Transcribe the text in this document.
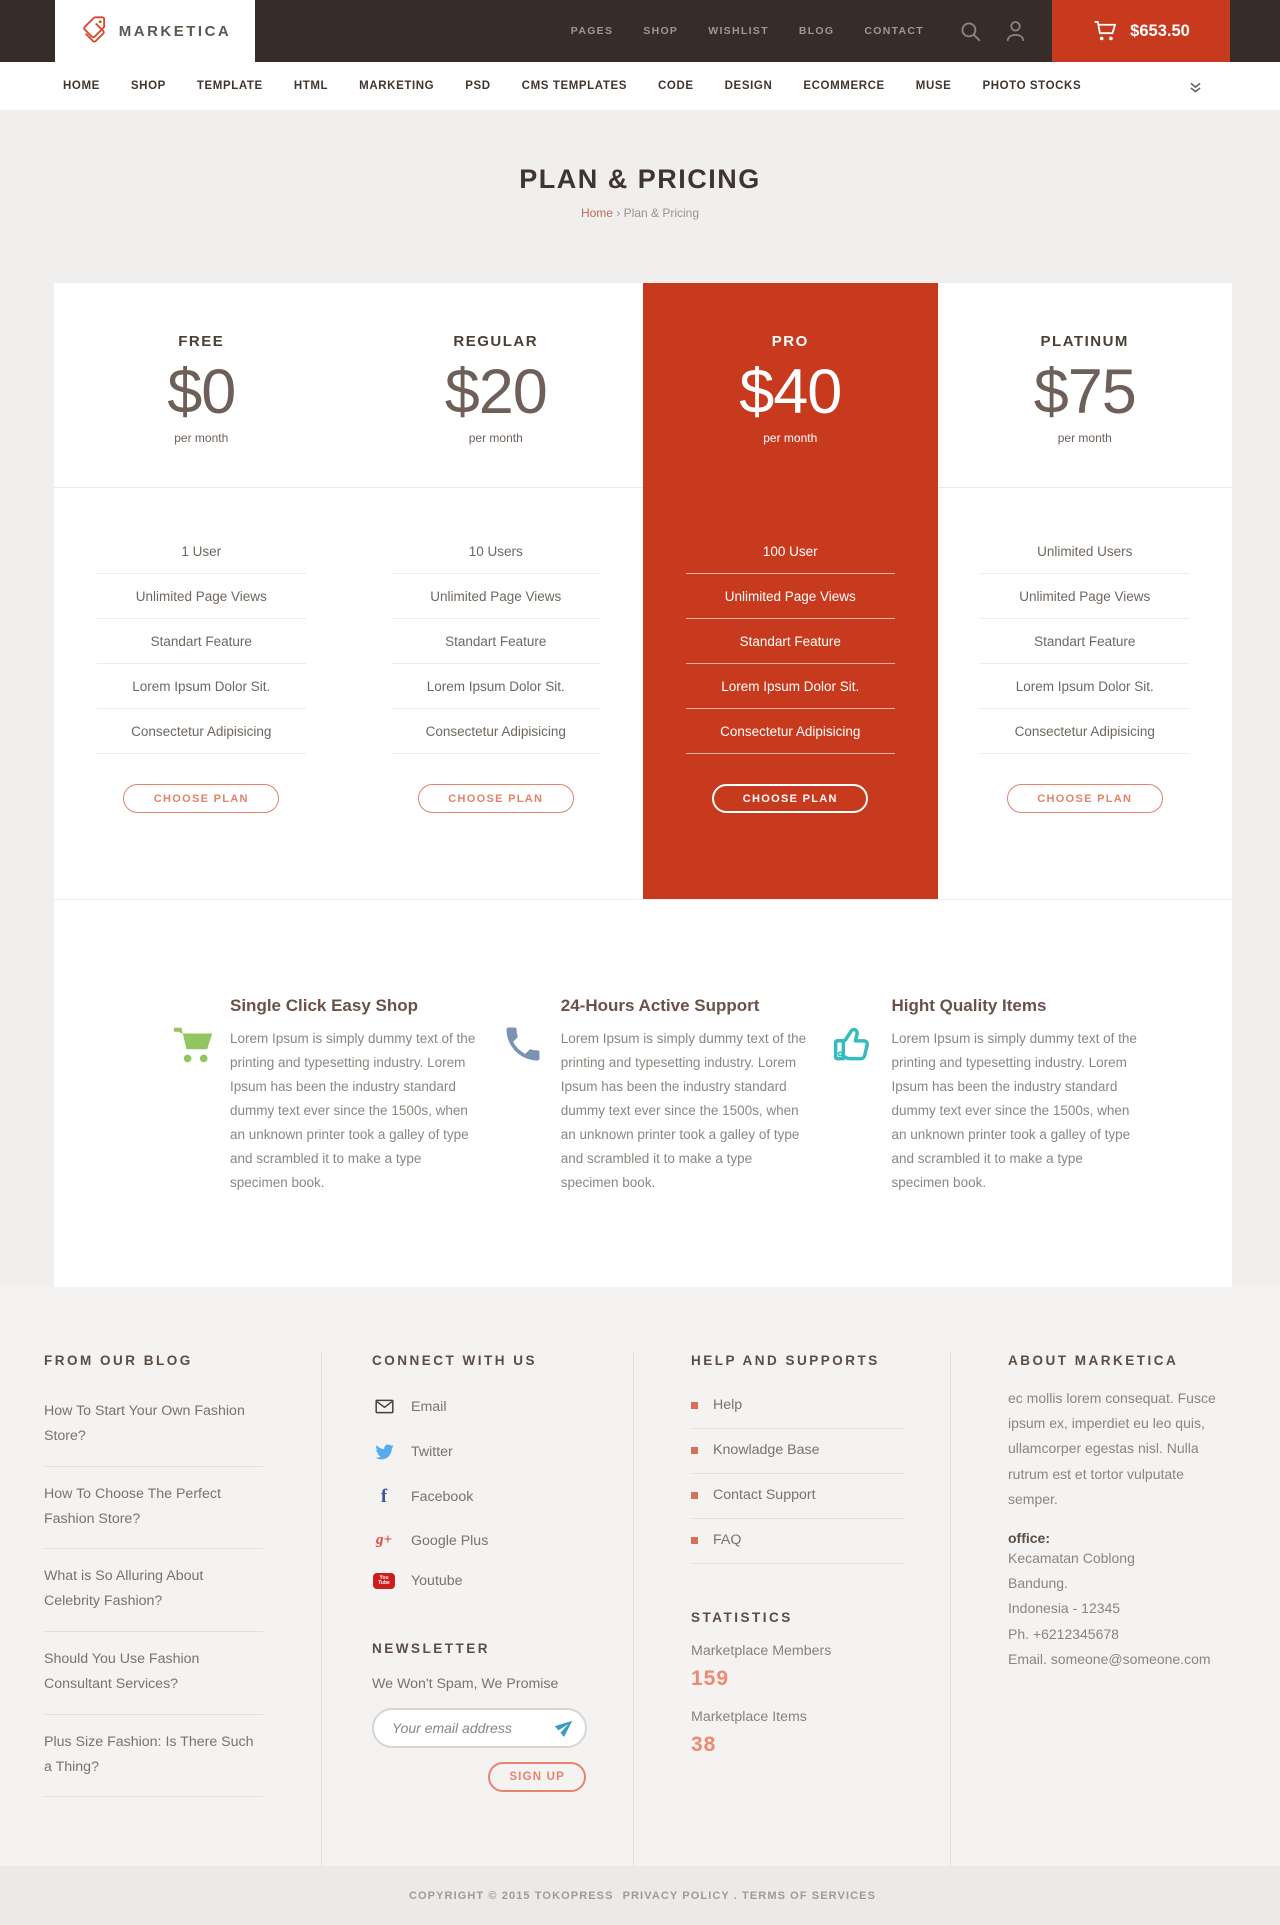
MARKETICA	PAGES	SHOP	WISHLIST	BLOG	CONTACT	$653.50
HOME	SHOP	TEMPLATE	HTML	MARKETING	PSD	CMS TEMPLATES	CODE	DESIGN	ECOMMERCE	MUSE	PHOTO STOCKS
PLAN & PRICING
Home › Plan & Pricing
FREE
$0
per month
1 User
Unlimited Page Views
Standart Feature
Lorem Ipsum Dolor Sit.
Consectetur Adipisicing
CHOOSE PLAN
REGULAR
$20
per month
10 Users
Unlimited Page Views
Standart Feature
Lorem Ipsum Dolor Sit.
Consectetur Adipisicing
CHOOSE PLAN
PRO
$40
per month
100 User
Unlimited Page Views
Standart Feature
Lorem Ipsum Dolor Sit.
Consectetur Adipisicing
CHOOSE PLAN
PLATINUM
$75
per month
Unlimited Users
Unlimited Page Views
Standart Feature
Lorem Ipsum Dolor Sit.
Consectetur Adipisicing
CHOOSE PLAN

Single Click Easy Shop

Lorem Ipsum is simply dummy text of the printing and typesetting industry. Lorem Ipsum has been the industry standard dummy text ever since the 1500s, when an unknown printer took a galley of type and scrambled it to make a type specimen book.

24-Hours Active Support

Lorem Ipsum is simply dummy text of the printing and typesetting industry. Lorem Ipsum has been the industry standard dummy text ever since the 1500s, when an unknown printer took a galley of type and scrambled it to make a type specimen book.

Hight Quality Items

Lorem Ipsum is simply dummy text of the printing and typesetting industry. Lorem Ipsum has been the industry standard dummy text ever since the 1500s, when an unknown printer took a galley of type and scrambled it to make a type specimen book.

FROM OUR BLOG

How To Start Your Own Fashion Store?
How To Choose The Perfect Fashion Store?
What is So Alluring About Celebrity Fashion?
Should You Use Fashion Consultant Services?
Plus Size Fashion: Is There Such a Thing?

CONNECT WITH US

Email
Twitter
f Facebook
g+ Google Plus
You
Tube Youtube

NEWSLETTER

We Won't Spam, We Promise

Your email address
SIGN UP

HELP AND SUPPORTS

Help
Knowladge Base
Contact Support
FAQ

STATISTICS

Marketplace Members
159
Marketplace Items
38

ABOUT MARKETICA

ec mollis lorem consequat. Fusce ipsum ex, imperdiet eu leo quis, ullamcorper egestas nisl. Nulla rutrum est et tortor vulputate semper.

office:
Kecamatan Coblong
Bandung.
Indonesia - 12345
Ph. +6212345678
Email. someone@someone.com
COPYRIGHT © 2015 TOKOPRESS PRIVACY POLICY . TERMS OF SERVICES
